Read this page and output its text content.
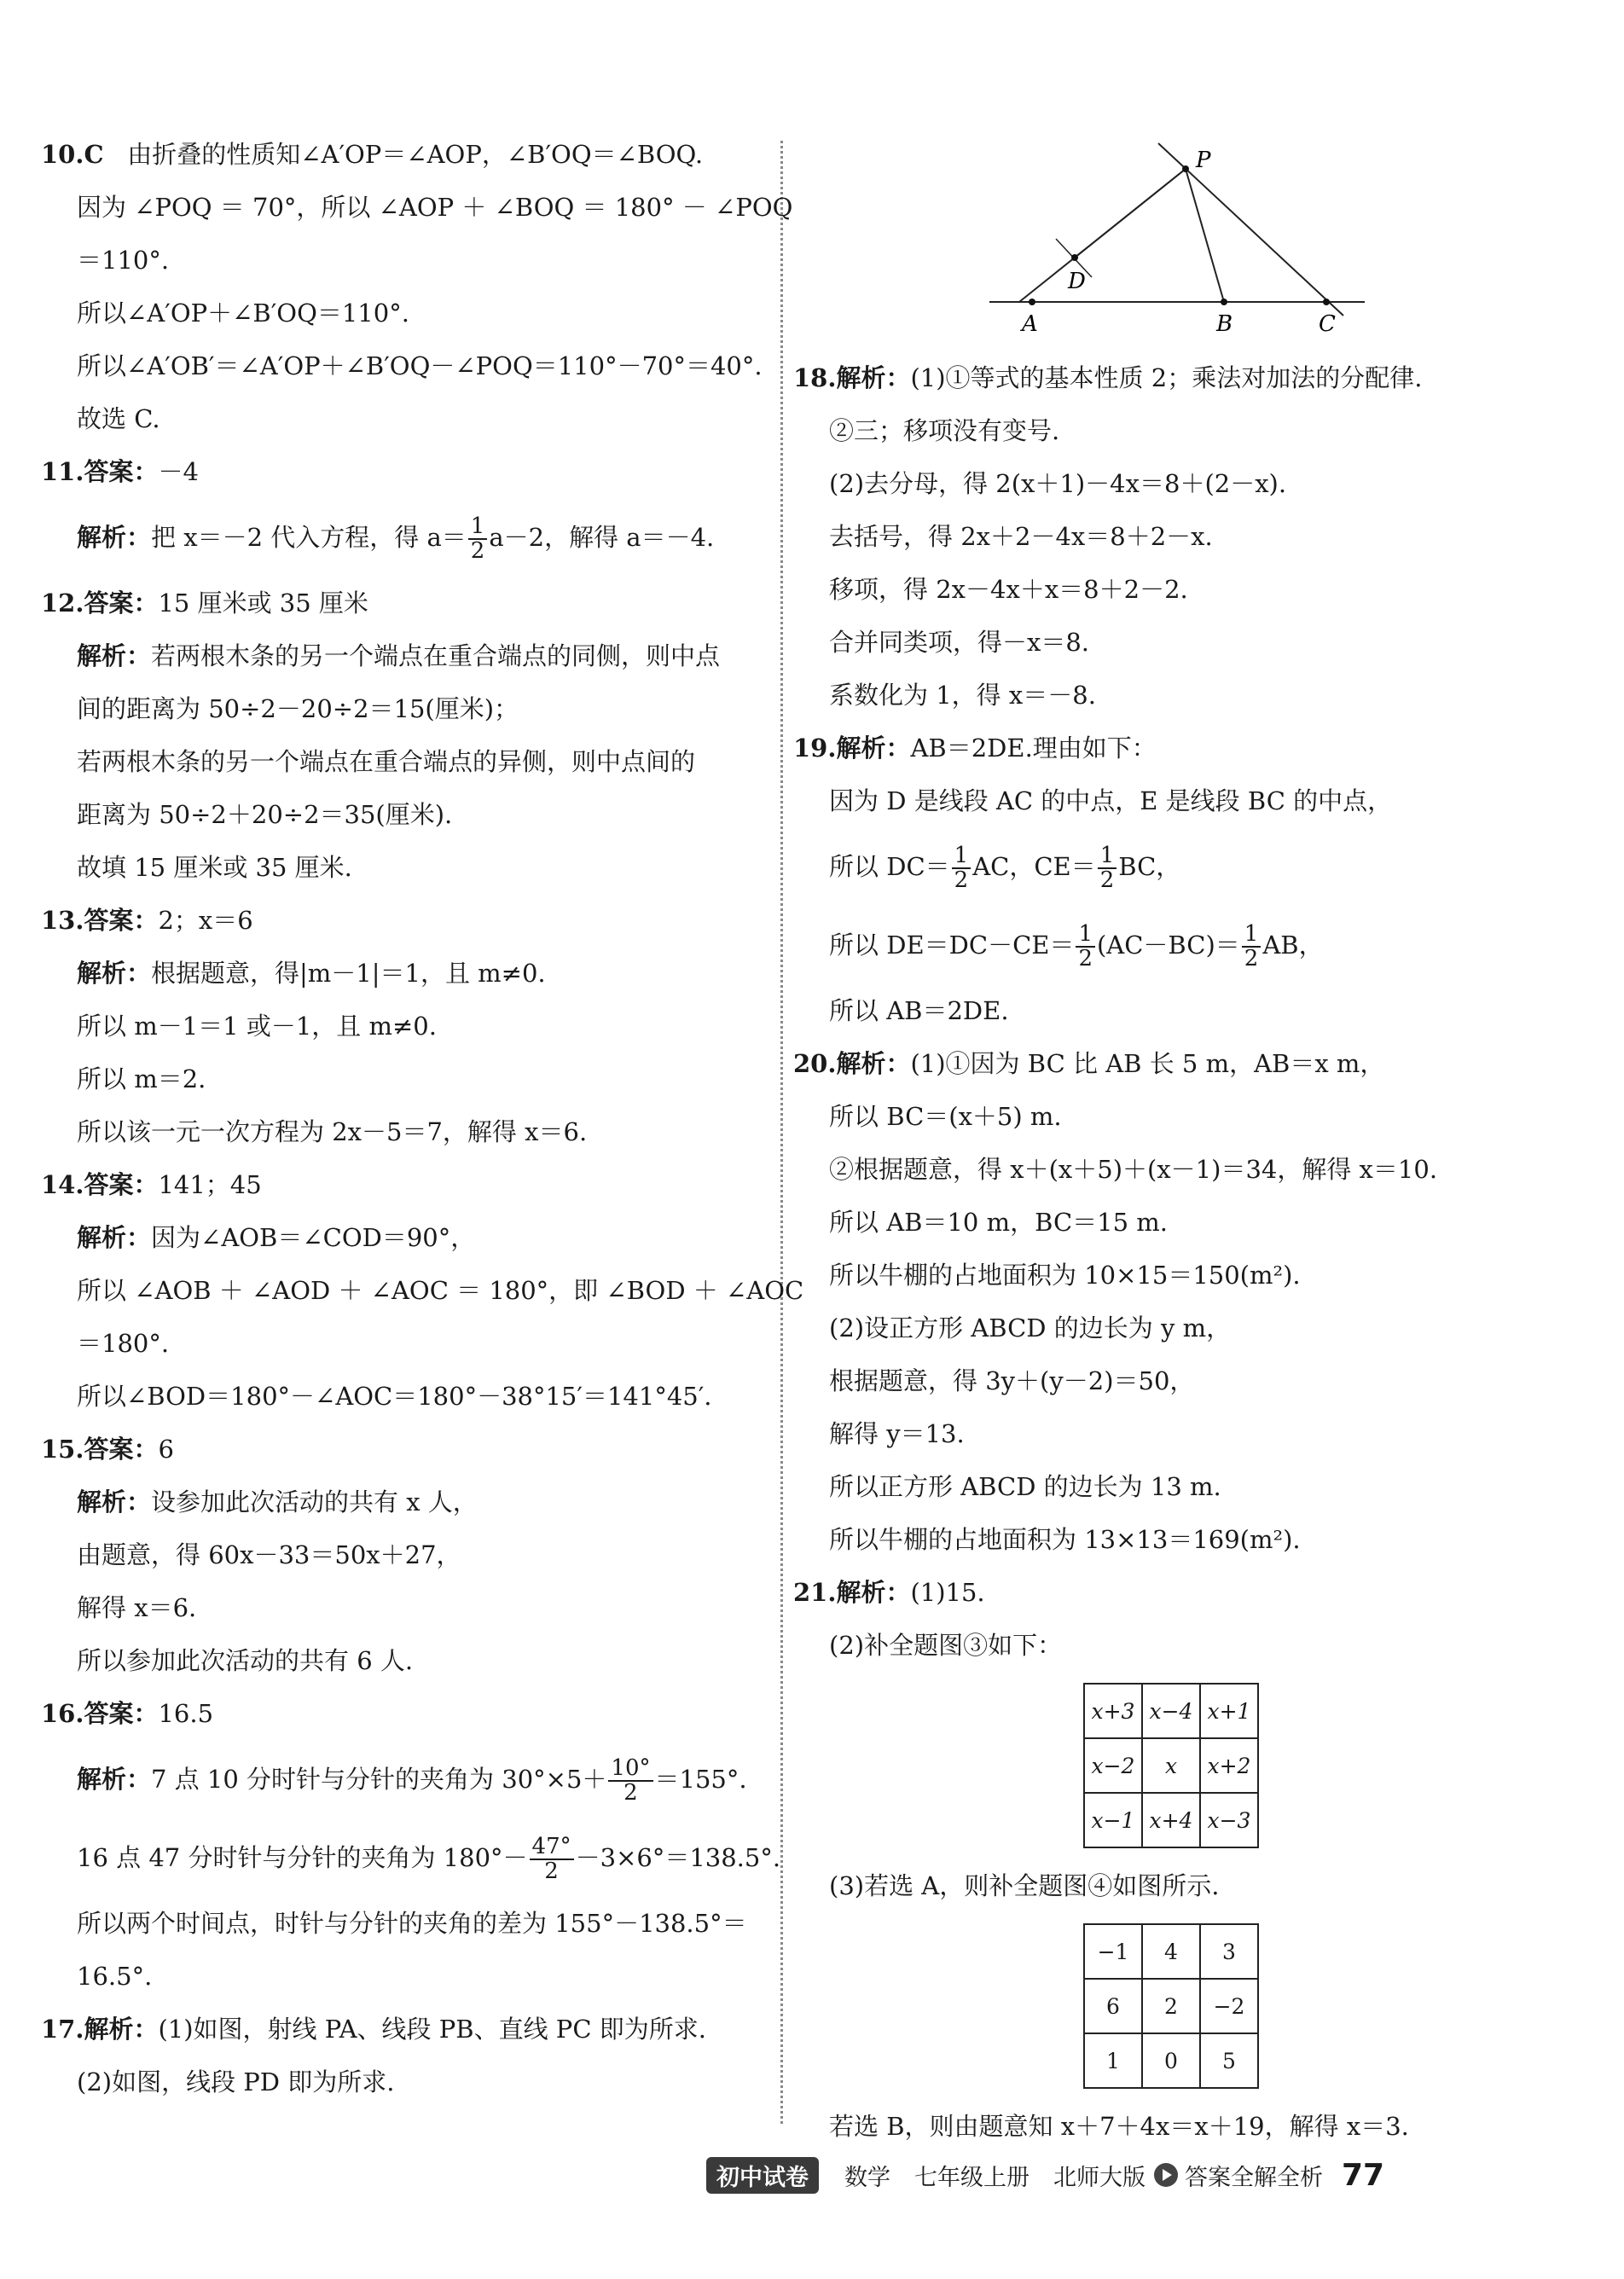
10.C 由折叠的性质知∠A′OP＝∠AOP，∠B′OQ＝∠BOQ.
因为 ∠POQ ＝ 70°，所以 ∠AOP ＋ ∠BOQ ＝ 180° － ∠POQ
＝110°.
所以∠A′OP＋∠B′OQ＝110°.
所以∠A′OB′＝∠A′OP＋∠B′OQ－∠POQ＝110°－70°＝40°.
故选 C.
11.答案：－4
解析：把 x＝－2 代入方程，得 $a= \frac{1}{2} a-2$，解得 a＝－4.
12.答案：15 厘米或 35 厘米
解析：若两根木条的另一个端点在重合端点的同侧，则中点
间的距离为 50÷2－20÷2＝15(厘米)；
若两根木条的另一个端点在重合端点的异侧，则中点间的
距离为 50÷2＋20÷2＝35(厘米).
故填 15 厘米或 35 厘米.
13.答案：2；x＝6
解析：根据题意，得|m－1|＝1，且 m≠0.
所以 m－1＝1 或－1，且 m≠0.
所以 m＝2.
所以该一元一次方程为 2x－5＝7，解得 x＝6.
14.答案：141；45
解析：因为∠AOB＝∠COD＝90°，
所以 ∠AOB ＋ ∠AOD ＋ ∠AOC ＝ 180°，即 ∠BOD ＋ ∠AOC
＝180°.
所以∠BOD＝180°－∠AOC＝180°－38°15′＝141°45′.
15.答案：6
解析：设参加此次活动的共有 x 人，
由题意，得 60x－33＝50x＋27，
解得 x＝6.
所以参加此次活动的共有 6 人.
16.答案：16.5
解析：7 点 10 分时针与分针的夹角为 $30^\circ\times 5+ \frac{10^\circ}{2} =155^\circ$.
16 点 47 分时针与分针的夹角为 $180^\circ- \frac{47^\circ}{2} -3\times 6^\circ=138.5^\circ$.
所以两个时间点，时针与分针的夹角的差为 155°－138.5°＝
16.5°.
17.解析：(1)如图，射线 PA、线段 PB、直线 PC 即为所求.
(2)如图，线段 PD 即为所求.
P
D
A	B	C
18.解析：(1)①等式的基本性质 2；乘法对加法的分配律.
②三；移项没有变号.
(2)去分母，得 2(x＋1)－4x＝8＋(2－x).
去括号，得 2x＋2－4x＝8＋2－x.
移项，得 2x－4x＋x＝8＋2－2.
合并同类项，得－x＝8.
系数化为 1，得 x＝－8.
19.解析：AB＝2DE.理由如下：
因为 D 是线段 AC 的中点，E 是线段 BC 的中点，
所以 $DC= \frac{1}{2}$ AC，$CE= \frac{1}{2}$ BC，
所以 $DE=DC-CE= \frac{1}{2} (AC-BC)= \frac{1}{2}$ AB，
所以 AB＝2DE.
20.解析：(1)①因为 BC 比 AB 长 5 m，AB＝x m，
所以 BC＝(x＋5) m.
②根据题意，得 x＋(x＋5)＋(x－1)＝34，解得 x＝10.
所以 AB＝10 m，BC＝15 m.
所以牛棚的占地面积为 10×15＝150(m²).
(2)设正方形 ABCD 的边长为 y m，
根据题意，得 3y＋(y－2)＝50，
解得 y＝13.
所以正方形 ABCD 的边长为 13 m.
所以牛棚的占地面积为 13×13＝169(m²).
21.解析：(1)15.
(2)补全题图③如下：
x+3	x−4	x+1
x−2	x	x+2
x−1	x+4	x−3
(3)若选 A，则补全题图④如图所示.
−1	4	3
6	2	−2
1	0	5
若选 B，则由题意知 x＋7＋4x＝x＋19，解得 x＝3.
初中试卷	数学 七年级上册 北师大版 答案全解全析 77
